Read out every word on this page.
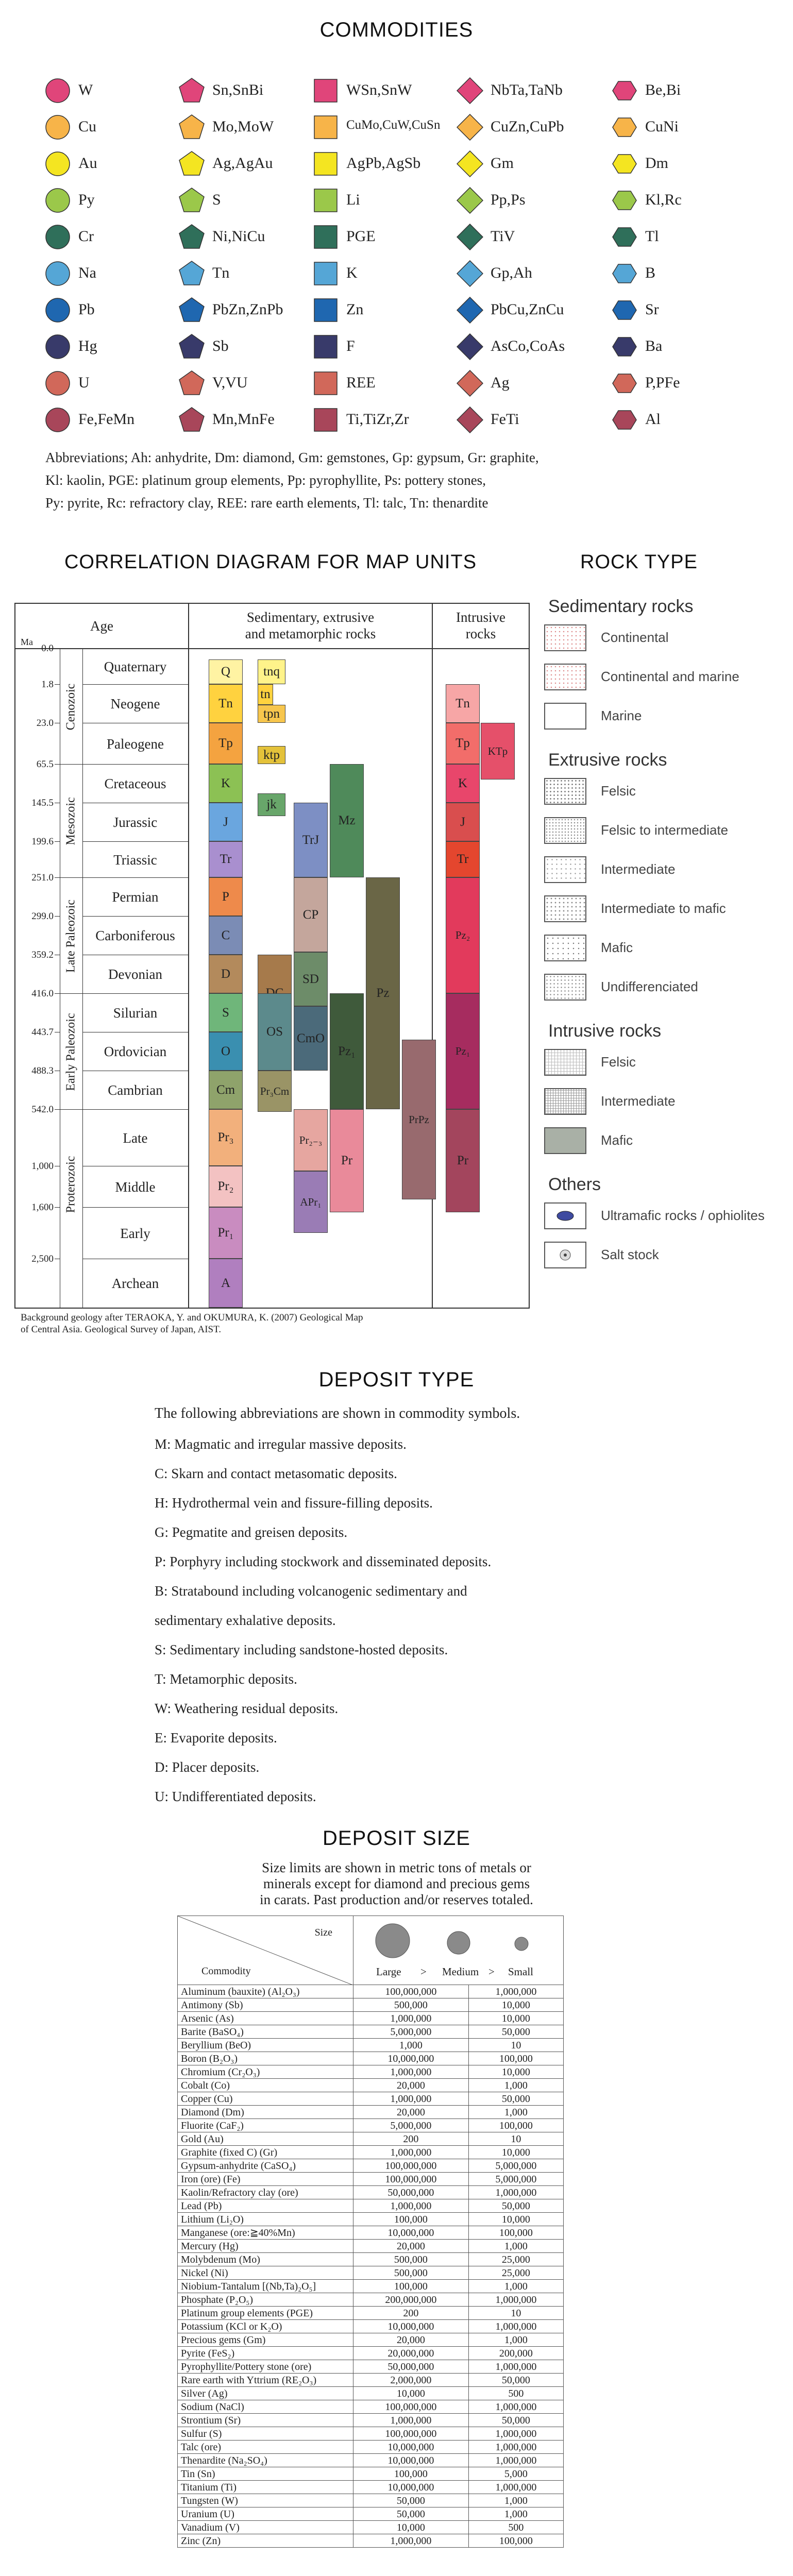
COMMODITIES
W
Cu
Au
Py
Cr
Na
Pb
Hg
U
Fe,FeMn
Sn,SnBi
Mo,MoW
Ag,AgAu
S
Ni,NiCu
Tn
PbZn,ZnPb
Sb
V,VU
Mn,MnFe
WSn,SnW
CuMo,CuW,CuSn
AgPb,AgSb
Li
PGE
K
Zn
F
REE
Ti,TiZr,Zr
NbTa,TaNb
CuZn,CuPb
Gm
Pp,Ps
TiV
Gp,Ah
PbCu,ZnCu
AsCo,CoAs
Ag
FeTi
Be,Bi
CuNi
Dm
Kl,Rc
Tl
B
Sr
Ba
P,PFe
Al
Abbreviations; Ah: anhydrite, Dm: diamond, Gm: gemstones, Gp: gypsum, Gr: graphite,
Kl: kaolin, PGE: platinum group elements, Pp: pyrophyllite, Ps: pottery stones,
Py: pyrite, Rc: refractory clay, REE: rare earth elements, Tl: talc, Tn: thenardite
CORRELATION DIAGRAM FOR MAP UNITS	ROCK TYPE
Age
Ma
Sedimentary, extrusive
and metamorphic rocks
Intrusive
rocks
0.0
1.8
23.0
65.5
145.5
199.6
251.0
299.0
359.2
416.0
443.7
488.3
542.0
1,000
1,600
2,500
Cenozoic
Mesozoic
Late Paleozoic
Early Paleozoic
Proterozoic
Quaternary
Neogene
Paleogene
Cretaceous
Jurassic
Triassic
Permian
Carboniferous
Devonian
Silurian
Ordovician
Cambrian
Late
Middle
Early
Archean
Q
Tn
Tp
K
J
Tr
P
C
D
S
O
Cm
Pr₃
Pr₂
Pr₁
A
tnq
tn
tpn
ktp
jk
TrJ
Mz
CP
SD
OS	CmO
Pr₃Cm
Pz₁
Pz
Pr₂₋₃
Pr
APr₁
PrPz
Tn
Tp
KTp
K
J
Tr
Pz₂
Pz₁
Pr
Background geology after TERAOKA, Y. and OKUMURA, K. (2007) Geological Map
of Central Asia. Geological Survey of Japan, AIST.
Sedimentary rocks
Continental
Continental and marine
Marine
Extrusive rocks
Felsic
Felsic to intermediate
Intermediate
Intermediate to mafic
Mafic
Undifferenciated
Intrusive rocks
Felsic
Intermediate
Mafic
Others
Ultramafic rocks / ophiolites
Salt stock
DEPOSIT TYPE
The following abbreviations are shown in commodity symbols.
M: Magmatic and irregular massive deposits.
C: Skarn and contact metasomatic deposits.
H: Hydrothermal vein and fissure-filling deposits.
G: Pegmatite and greisen deposits.
P: Porphyry including stockwork and disseminated deposits.
B: Stratabound including volcanogenic sedimentary and
sedimentary exhalative deposits.
S: Sedimentary including sandstone-hosted deposits.
T: Metamorphic deposits.
W: Weathering residual deposits.
E: Evaporite deposits.
D: Placer deposits.
U: Undifferentiated deposits.
DEPOSIT SIZE
Size limits are shown in metric tons of metals or
minerals except for diamond and precious gems
in carats. Past production and/or reserves totaled.
Size
Commodity	Large > Medium > Small	

Aluminum (bauxite) (Al₂O₃)	100,000,000	1,000,000
Antimony (Sb)	500,000	10,000
Arsenic (As)	1,000,000	10,000
Barite (BaSO₄)	5,000,000	50,000
Beryllium (BeO)	1,000	10
Boron (B₂O₃)	10,000,000	100,000
Chromium (Cr₂O₃)	1,000,000	10,000
Cobalt (Co)	20,000	1,000
Copper (Cu)	1,000,000	50,000
Diamond (Dm)	20,000	1,000
Fluorite (CaF₂)	5,000,000	100,000
Gold (Au)	200	10
Graphite (fixed C) (Gr)	1,000,000	10,000
Gypsum-anhydrite (CaSO₄)	100,000,000	5,000,000
Iron (ore) (Fe)	100,000,000	5,000,000
Kaolin/Refractory clay (ore)	50,000,000	1,000,000
Lead (Pb)	1,000,000	50,000
Lithium (Li₂O)	100,000	10,000
Manganese (ore:≧40%Mn)	10,000,000	100,000
Mercury (Hg)	20,000	1,000
Molybdenum (Mo)	500,000	25,000
Nickel (Ni)	500,000	25,000
Niobium-Tantalum [(Nb,Ta)₂O₅]	100,000	1,000
Phosphate (P₂O₅)	200,000,000	1,000,000
Platinum group elements (PGE)	200	10
Potassium (KCl or K₂O)	10,000,000	1,000,000
Precious gems (Gm)	20,000	1,000
Pyrite (FeS₂)	20,000,000	200,000
Pyrophyllite/Pottery stone (ore)	50,000,000	1,000,000
Rare earth with Yttrium (RE₂O₃)	2,000,000	50,000
Silver (Ag)	10,000	500
Sodium (NaCl)	100,000,000	1,000,000
Strontium (Sr)	1,000,000	50,000
Sulfur (S)	100,000,000	1,000,000
Talc (ore)	10,000,000	1,000,000
Thenardite (Na₂SO₄)	10,000,000	1,000,000
Tin (Sn)	100,000	5,000
Titanium (Ti)	10,000,000	1,000,000
Tungsten (W)	50,000	1,000
Uranium (U)	50,000	1,000
Vanadium (V)	10,000	500
Zinc (Zn)	1,000,000	100,000
